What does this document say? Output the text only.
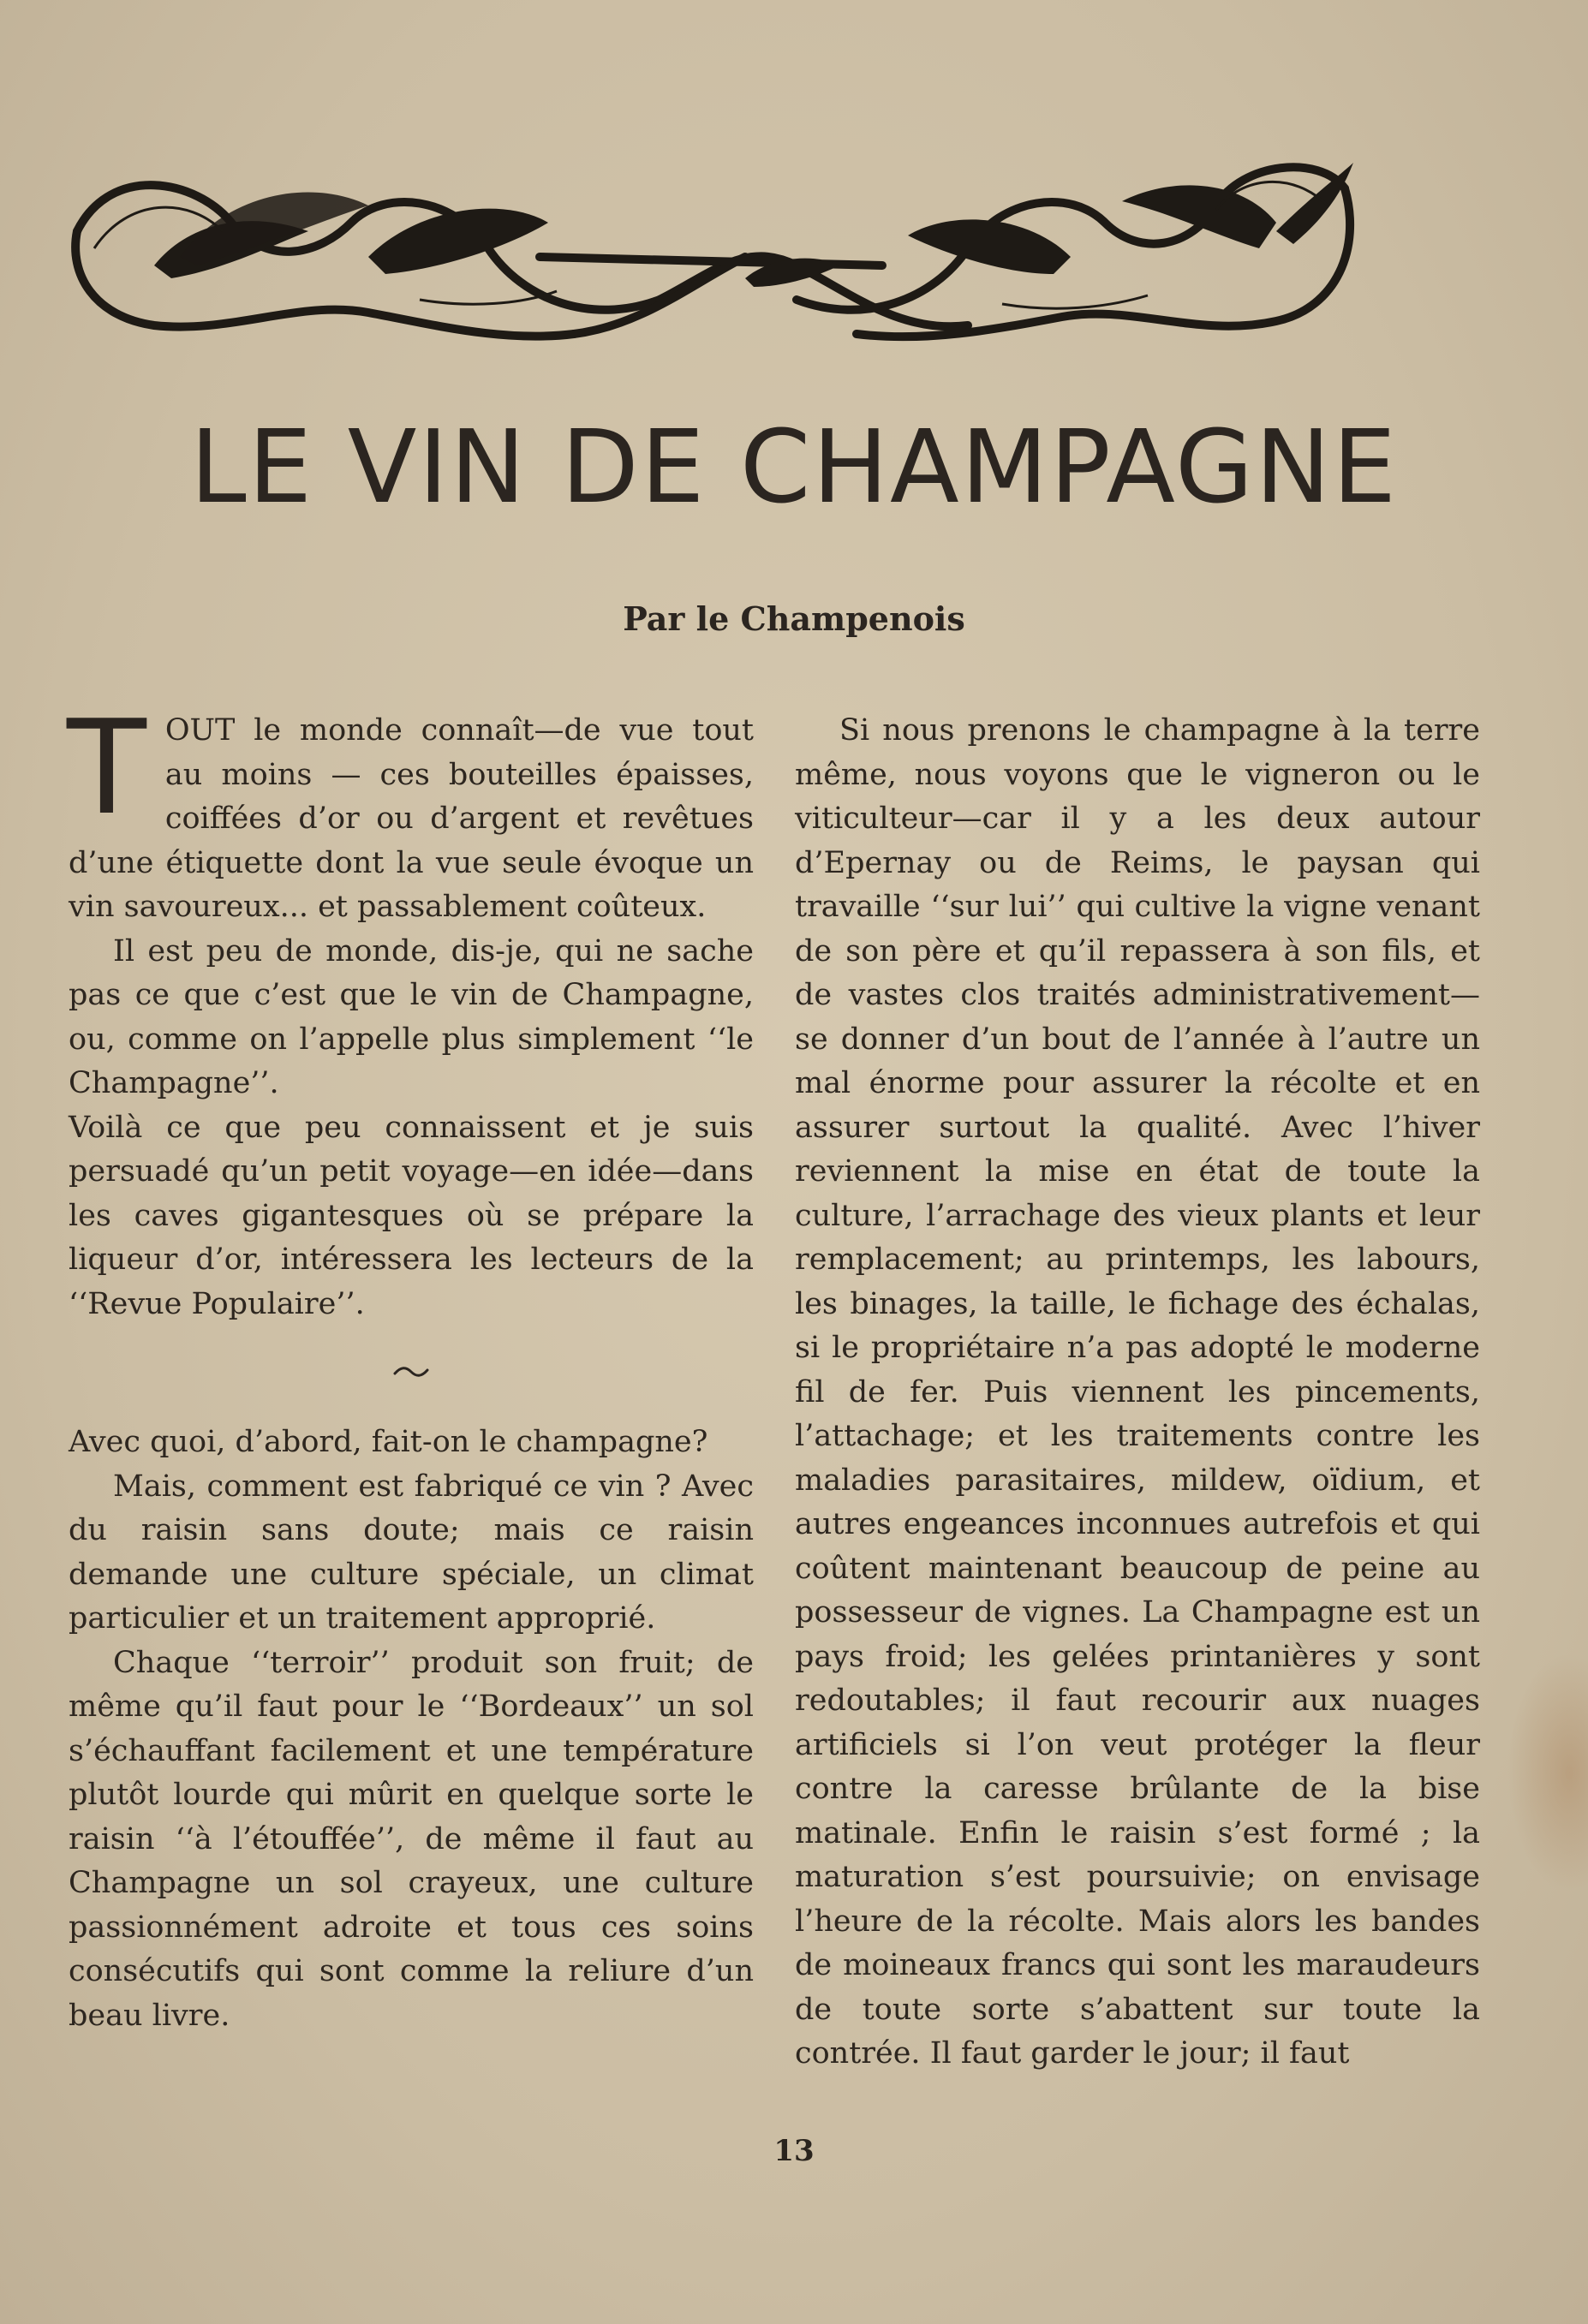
LE VIN DE CHAMPAGNE
Par le Champenois

TOUT le monde connaît—de vue tout au moins — ces bouteilles épaisses, coiffées d’or ou d’argent et revêtues d’une étiquette dont la vue seule évoque un vin savoureux... et passablement coûteux.

Il est peu de monde, dis-je, qui ne sache pas ce que c’est que le vin de Champagne, ou, comme on l’appelle plus simplement ‘‘le Champagne’’.

Voilà ce que peu connaissent et je suis persuadé qu’un petit voyage—en idée—dans les caves gigantesques où se prépare la liqueur d’or, intéressera les lecteurs de la ‘‘Revue Populaire’’.

Avec quoi, d’abord, fait-on le champagne?

Mais, comment est fabriqué ce vin ? Avec du raisin sans doute; mais ce raisin demande une culture spéciale, un climat particulier et un traitement approprié.

Chaque ‘‘terroir’’ produit son fruit; de même qu’il faut pour le ‘‘Bordeaux’’ un sol s’échauffant facilement et une température plutôt lourde qui mûrit en quelque sorte le raisin ‘‘à l’étouffée’’, de même il faut au Champagne un sol crayeux, une culture passionnément adroite et tous ces soins consécutifs qui sont comme la reliure d’un beau livre.

Si nous prenons le champagne à la terre même, nous voyons que le vigneron ou le viticulteur—car il y a les deux autour d’Epernay ou de Reims, le paysan qui travaille ‘‘sur lui’’ qui cultive la vigne venant de son père et qu’il repassera à son fils, et de vastes clos traités administrativement—se donner d’un bout de l’année à l’autre un mal énorme pour assurer la récolte et en assurer surtout la qualité. Avec l’hiver reviennent la mise en état de toute la culture, l’arrachage des vieux plants et leur remplacement; au printemps, les labours, les binages, la taille, le fichage des échalas, si le propriétaire n’a pas adopté le moderne fil de fer. Puis viennent les pincements, l’attachage; et les traitements contre les maladies parasitaires, mildew, oïdium, et autres engeances inconnues autrefois et qui coûtent maintenant beaucoup de peine au possesseur de vignes. La Champagne est un pays froid; les gelées printanières y sont redoutables; il faut recourir aux nuages artificiels si l’on veut protéger la fleur contre la caresse brûlante de la bise matinale. Enfin le raisin s’est formé ; la maturation s’est poursuivie; on envisage l’heure de la récolte. Mais alors les bandes de moineaux francs qui sont les maraudeurs de toute sorte s’abattent sur toute la contrée. Il faut garder le jour; il faut

13
